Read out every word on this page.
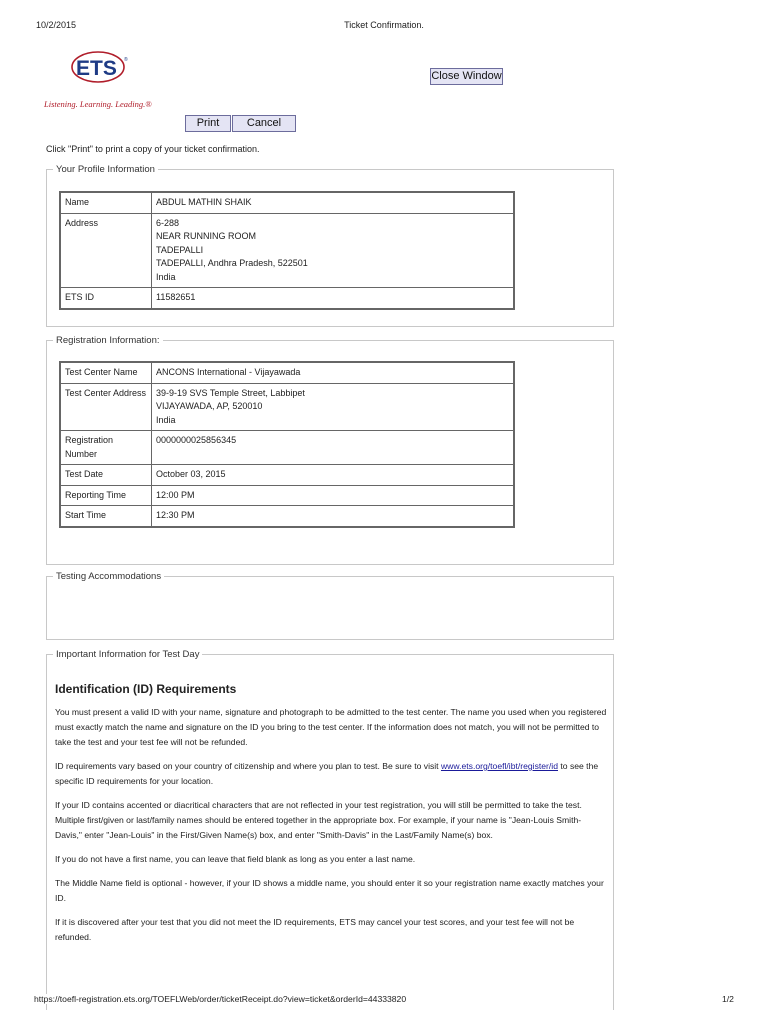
10/2/2015	Ticket Confirmation.
ETS ®
Listening. Learning. Leading.®
Close Window
Print	Cancel
Click "Print" to print a copy of your ticket confirmation.
Your Profile Information
Name	ABDUL MATHIN SHAIK

Address	6-288
NEAR RUNNING ROOM
TADEPALLI
TADEPALLI, Andhra Pradesh, 522501
India

ETS ID	11582651
Registration Information:
Test Center Name	ANCONS International - Vijayawada

Test Center Address	39-9-19 SVS Temple Street, Labbipet
VIJAYAWADA, AP, 520010
India

Registration Number	0000000025856345

Test Date	October 03, 2015

Reporting Time	12:00 PM

Start Time	12:30 PM
Testing Accommodations
Important Information for Test Day
Identification (ID) Requirements

You must present a valid ID with your name, signature and photograph to be admitted to the test center. The name you used when you registered must exactly match the name and signature on the ID you bring to the test center. If the information does not match, you will not be permitted to take the test and your test fee will not be refunded.

ID requirements vary based on your country of citizenship and where you plan to test. Be sure to visit www.ets.org/toefl/ibt/register/id to see the specific ID requirements for your location.

If your ID contains accented or diacritical characters that are not reflected in your test registration, you will still be permitted to take the test. Multiple first/given or last/family names should be entered together in the appropriate box. For example, if your name is "Jean-Louis Smith-Davis," enter "Jean-Louis" in the First/Given Name(s) box, and enter "Smith-Davis" in the Last/Family Name(s) box.

If you do not have a first name, you can leave that field blank as long as you enter a last name.

The Middle Name field is optional - however, if your ID shows a middle name, you should enter it so your registration name exactly matches your ID.

If it is discovered after your test that you did not meet the ID requirements, ETS may cancel your test scores, and your test fee will not be refunded.

https://toefl-registration.ets.org/TOEFLWeb/order/ticketReceipt.do?view=ticket&orderId=44333820	1/2
